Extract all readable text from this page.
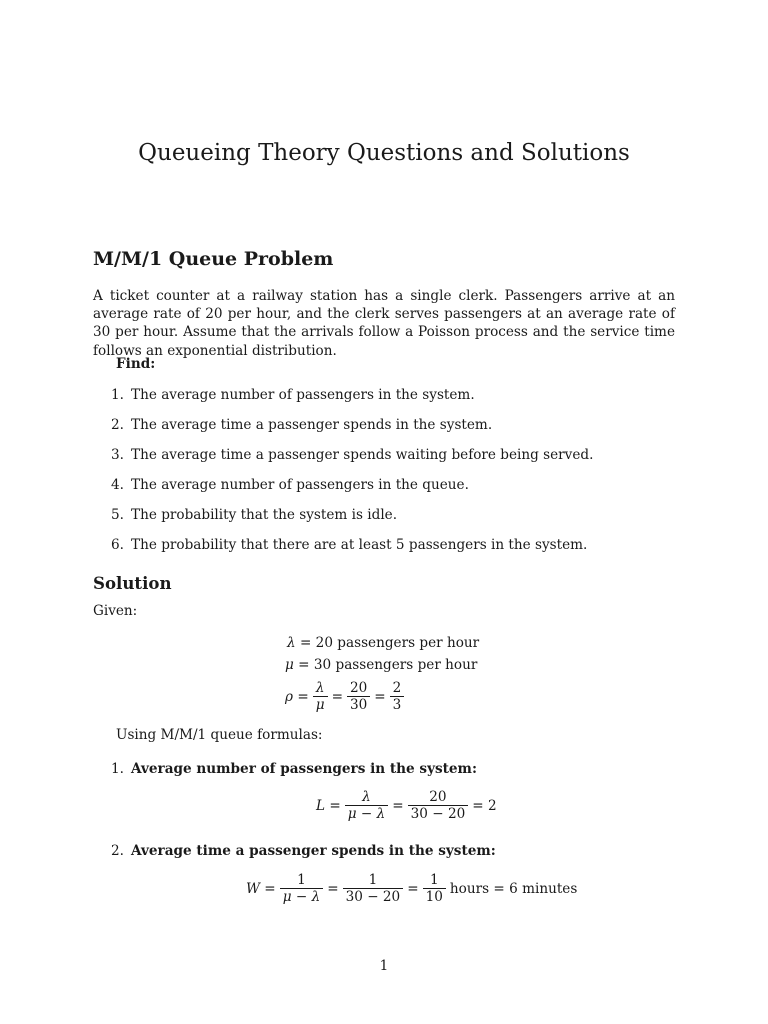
Queueing Theory Questions and Solutions
M/M/1 Queue Problem

A ticket counter at a railway station has a single clerk. Passengers arrive at an average rate of 20 per hour, and the clerk serves passengers at an average rate of 30 per hour. Assume that the arrivals follow a Poisson process and the service time follows an exponential distribution.

Find:

1. The average number of passengers in the system.
2. The average time a passenger spends in the system.
3. The average time a passenger spends waiting before being served.
4. The average number of passengers in the queue.
5. The probability that the system is idle.
6. The probability that there are at least 5 passengers in the system.
Solution

Given:

λ
= 20 passengers per hour
μ
= 30 passengers per hour
$\rho = \frac{\lambda}{\mu} = \frac{20}{30} = \frac{2}{3}$

Using M/M/1 queue formulas:

1. Average number of passengers in the system:
$L = \frac{\lambda}{\mu - \lambda} = \frac{20}{30 - 20} = 2$
2. Average time a passenger spends in the system:
$W = \frac{1}{\mu - \lambda} = \frac{1}{30 - 20} = \frac{1}{10}$ hours = 6 minutes

1
